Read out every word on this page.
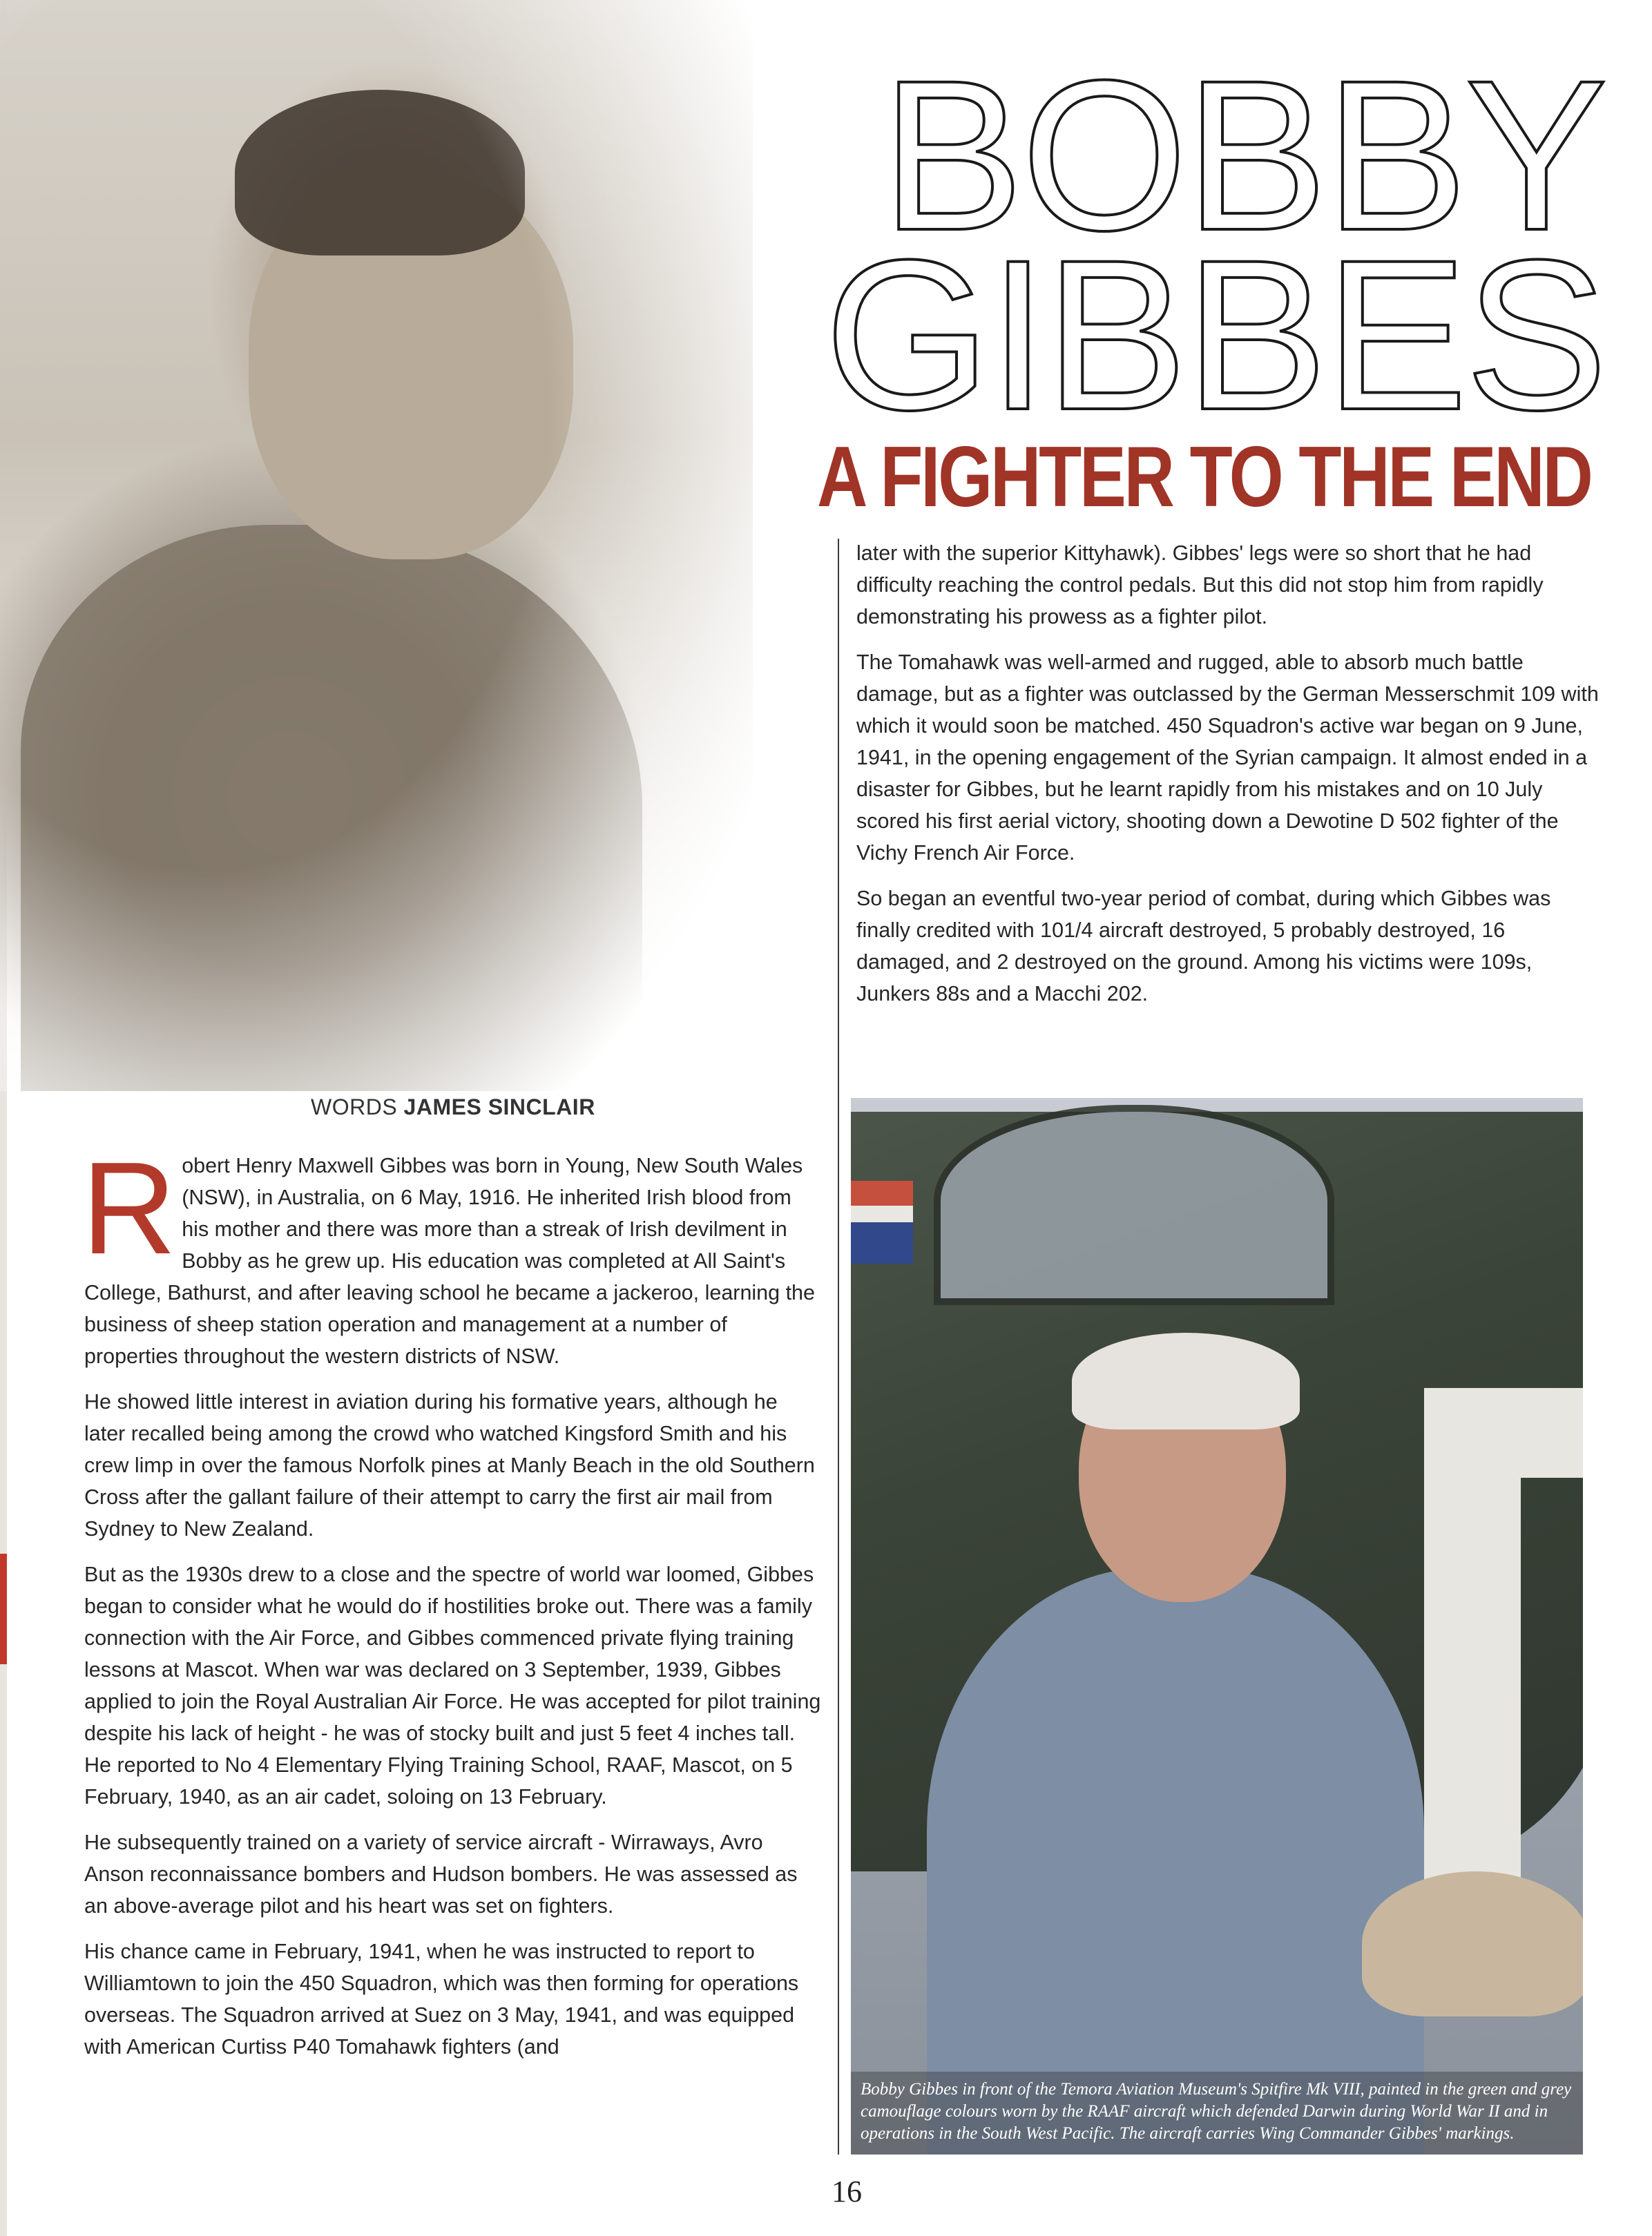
BOBBY
GIBBES
A FIGHTER TO THE END

WORDS JAMES SINCLAIR

Robert Henry Maxwell Gibbes was born in Young, New South Wales (NSW), in Australia, on 6 May, 1916. He inherited Irish blood from his mother and there was more than a streak of Irish devilment in Bobby as he grew up. His education was completed at All Saint's College, Bathurst, and after leaving school he became a jackeroo, learning the business of sheep station operation and management at a number of properties throughout the western districts of NSW.

He showed little interest in aviation during his formative years, although he later recalled being among the crowd who watched Kingsford Smith and his crew limp in over the famous Norfolk pines at Manly Beach in the old Southern Cross after the gallant failure of their attempt to carry the first air mail from Sydney to New Zealand.

But as the 1930s drew to a close and the spectre of world war loomed, Gibbes began to consider what he would do if hostilities broke out. There was a family connection with the Air Force, and Gibbes commenced private flying training lessons at Mascot. When war was declared on 3 September, 1939, Gibbes applied to join the Royal Australian Air Force. He was accepted for pilot training despite his lack of height - he was of stocky built and just 5 feet 4 inches tall. He reported to No 4 Elementary Flying Training School, RAAF, Mascot, on 5 February, 1940, as an air cadet, soloing on 13 February.

He subsequently trained on a variety of service aircraft - Wirraways, Avro Anson reconnaissance bombers and Hudson bombers. He was assessed as an above-average pilot and his heart was set on fighters.

His chance came in February, 1941, when he was instructed to report to Williamtown to join the 450 Squadron, which was then forming for operations overseas. The Squadron arrived at Suez on 3 May, 1941, and was equipped with American Curtiss P40 Tomahawk fighters (and

later with the superior Kittyhawk). Gibbes' legs were so short that he had difficulty reaching the control pedals. But this did not stop him from rapidly demonstrating his prowess as a fighter pilot.

The Tomahawk was well-armed and rugged, able to absorb much battle damage, but as a fighter was outclassed by the German Messerschmit 109 with which it would soon be matched. 450 Squadron's active war began on 9 June, 1941, in the opening engagement of the Syrian campaign. It almost ended in a disaster for Gibbes, but he learnt rapidly from his mistakes and on 10 July scored his first aerial victory, shooting down a Dewotine D 502 fighter of the Vichy French Air Force.

So began an eventful two-year period of combat, during which Gibbes was finally credited with 101/4 aircraft destroyed, 5 probably destroyed, 16 damaged, and 2 destroyed on the ground. Among his victims were 109s, Junkers 88s and a Macchi 202.

Bobby Gibbes in front of the Temora Aviation Museum's Spitfire Mk VIII, painted in the green and grey camouflage colours worn by the RAAF aircraft which defended Darwin during World War II and in operations in the South West Pacific. The aircraft carries Wing Commander Gibbes' markings.
16
